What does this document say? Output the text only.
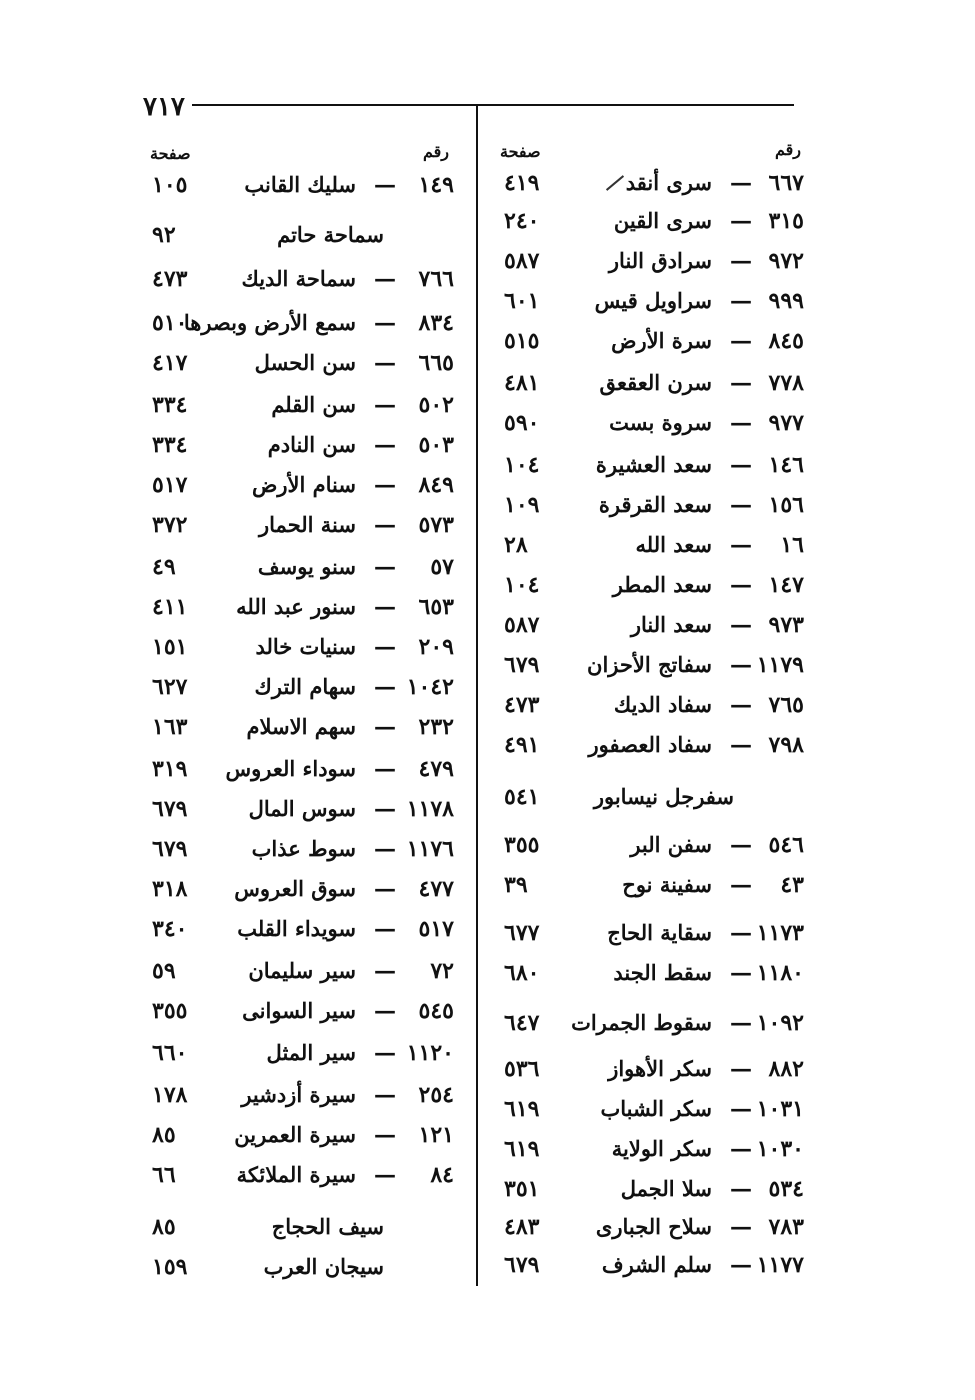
٧١٧
رقم
صفحة
رقم
صفحة
٦٦٧
—
سرى أنقد
٤١٩
٣١٥
—
سرى القين
٢٤٠
٩٧٢
—
سرادق النار
٥٨٧
٩٩٩
—
سراويل قيس
٦٠١
٨٤٥
—
سرة الأرض
٥١٥
٧٧٨
—
سرن العقعق
٤٨١
٩٧٧
—
سروة بست
٥٩٠
١٤٦
—
سعد العشيرة
١٠٤
١٥٦
—
سعد القرقرة
١٠٩
١٦
—
سعد الله
٢٨
١٤٧
—
سعد المطر
١٠٤
٩٧٣
—
سعد النار
٥٨٧
١١٧٩
—
سفاتج الأحزان
٦٧٩
٧٦٥
—
سفاد الديك
٤٧٣
٧٩٨
—
سفاد العصفور
٤٩١
سفرجل نيسابور
٥٤١
٥٤٦
—
سفن البر
٣٥٥
٤٣
—
سفينة نوح
٣٩
١١٧٣
—
سقاية الحاج
٦٧٧
١١٨٠
—
سقط الجند
٦٨٠
١٠٩٢
—
سقوط الجمرات
٦٤٧
٨٨٢
—
سكر الأهواز
٥٣٦
١٠٣١
—
سكر الشباب
٦١٩
١٠٣٠
—
سكر الولاية
٦١٩
٥٣٤
—
سلا الجمل
٣٥١
٧٨٣
—
سلاح الجبارى
٤٨٣
١١٧٧
—
سلم الشرف
٦٧٩
١٤٩
—
سليك القانب
١٠٥
سماحة حاتم
٩٢
٧٦٦
—
سماحة الديك
٤٧٣
٨٣٤
—
سمع الأرض وبصرها
٥١٠
٦٦٥
—
سن الحسل
٤١٧
٥٠٢
—
سن القلم
٣٣٤
٥٠٣
—
سن النادم
٣٣٤
٨٤٩
—
سنام الأرض
٥١٧
٥٧٣
—
سنة الحمار
٣٧٢
٥٧
—
سنو يوسف
٤٩
٦٥٣
—
سنور عبد الله
٤١١
٢٠٩
—
سنيات خالد
١٥١
١٠٤٢
—
سهام الترك
٦٢٧
٢٣٢
—
سهم الاسلام
١٦٣
٤٧٩
—
سوداء العروس
٣١٩
١١٧٨
—
سوس المال
٦٧٩
١١٧٦
—
سوط عذاب
٦٧٩
٤٧٧
—
سوق العروس
٣١٨
٥١٧
—
سويداء القلب
٣٤٠
٧٢
—
سير سليمان
٥٩
٥٤٥
—
سير السوانى
٣٥٥
١١٢٠
—
سير المثل
٦٦٠
٢٥٤
—
سيرة أزدشير
١٧٨
١٢١
—
سيرة العمرين
٨٥
٨٤
—
سيرة الملائكة
٦٦
سيف الحجاج
٨٥
سيجان العرب
١٥٩
